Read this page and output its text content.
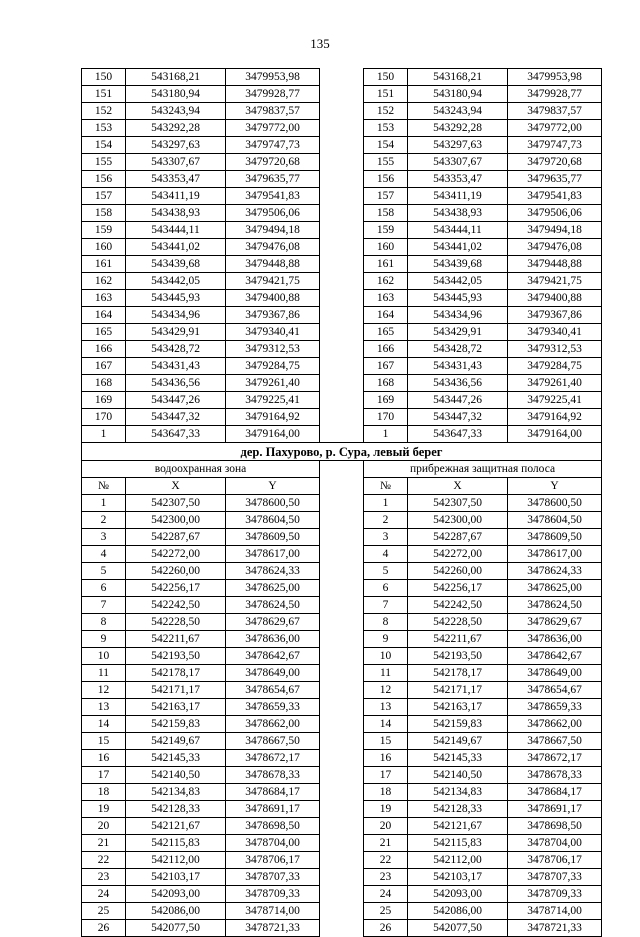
135
150	543168,21	3479953,98		150	543168,21	3479953,98
151	543180,94	3479928,77		151	543180,94	3479928,77
152	543243,94	3479837,57		152	543243,94	3479837,57
153	543292,28	3479772,00		153	543292,28	3479772,00
154	543297,63	3479747,73		154	543297,63	3479747,73
155	543307,67	3479720,68		155	543307,67	3479720,68
156	543353,47	3479635,77		156	543353,47	3479635,77
157	543411,19	3479541,83		157	543411,19	3479541,83
158	543438,93	3479506,06		158	543438,93	3479506,06
159	543444,11	3479494,18		159	543444,11	3479494,18
160	543441,02	3479476,08		160	543441,02	3479476,08
161	543439,68	3479448,88		161	543439,68	3479448,88
162	543442,05	3479421,75		162	543442,05	3479421,75
163	543445,93	3479400,88		163	543445,93	3479400,88
164	543434,96	3479367,86		164	543434,96	3479367,86
165	543429,91	3479340,41		165	543429,91	3479340,41
166	543428,72	3479312,53		166	543428,72	3479312,53
167	543431,43	3479284,75		167	543431,43	3479284,75
168	543436,56	3479261,40		168	543436,56	3479261,40
169	543447,26	3479225,41		169	543447,26	3479225,41
170	543447,32	3479164,92		170	543447,32	3479164,92
1	543647,33	3479164,00		1	543647,33	3479164,00
дер. Пахурово, р. Сура, левый берег						
водоохранная зона				прибрежная защитная полоса		
№	X	Y		№	X	Y
1	542307,50	3478600,50		1	542307,50	3478600,50
2	542300,00	3478604,50		2	542300,00	3478604,50
3	542287,67	3478609,50		3	542287,67	3478609,50
4	542272,00	3478617,00		4	542272,00	3478617,00
5	542260,00	3478624,33		5	542260,00	3478624,33
6	542256,17	3478625,00		6	542256,17	3478625,00
7	542242,50	3478624,50		7	542242,50	3478624,50
8	542228,50	3478629,67		8	542228,50	3478629,67
9	542211,67	3478636,00		9	542211,67	3478636,00
10	542193,50	3478642,67		10	542193,50	3478642,67
11	542178,17	3478649,00		11	542178,17	3478649,00
12	542171,17	3478654,67		12	542171,17	3478654,67
13	542163,17	3478659,33		13	542163,17	3478659,33
14	542159,83	3478662,00		14	542159,83	3478662,00
15	542149,67	3478667,50		15	542149,67	3478667,50
16	542145,33	3478672,17		16	542145,33	3478672,17
17	542140,50	3478678,33		17	542140,50	3478678,33
18	542134,83	3478684,17		18	542134,83	3478684,17
19	542128,33	3478691,17		19	542128,33	3478691,17
20	542121,67	3478698,50		20	542121,67	3478698,50
21	542115,83	3478704,00		21	542115,83	3478704,00
22	542112,00	3478706,17		22	542112,00	3478706,17
23	542103,17	3478707,33		23	542103,17	3478707,33
24	542093,00	3478709,33		24	542093,00	3478709,33
25	542086,00	3478714,00		25	542086,00	3478714,00
26	542077,50	3478721,33		26	542077,50	3478721,33
